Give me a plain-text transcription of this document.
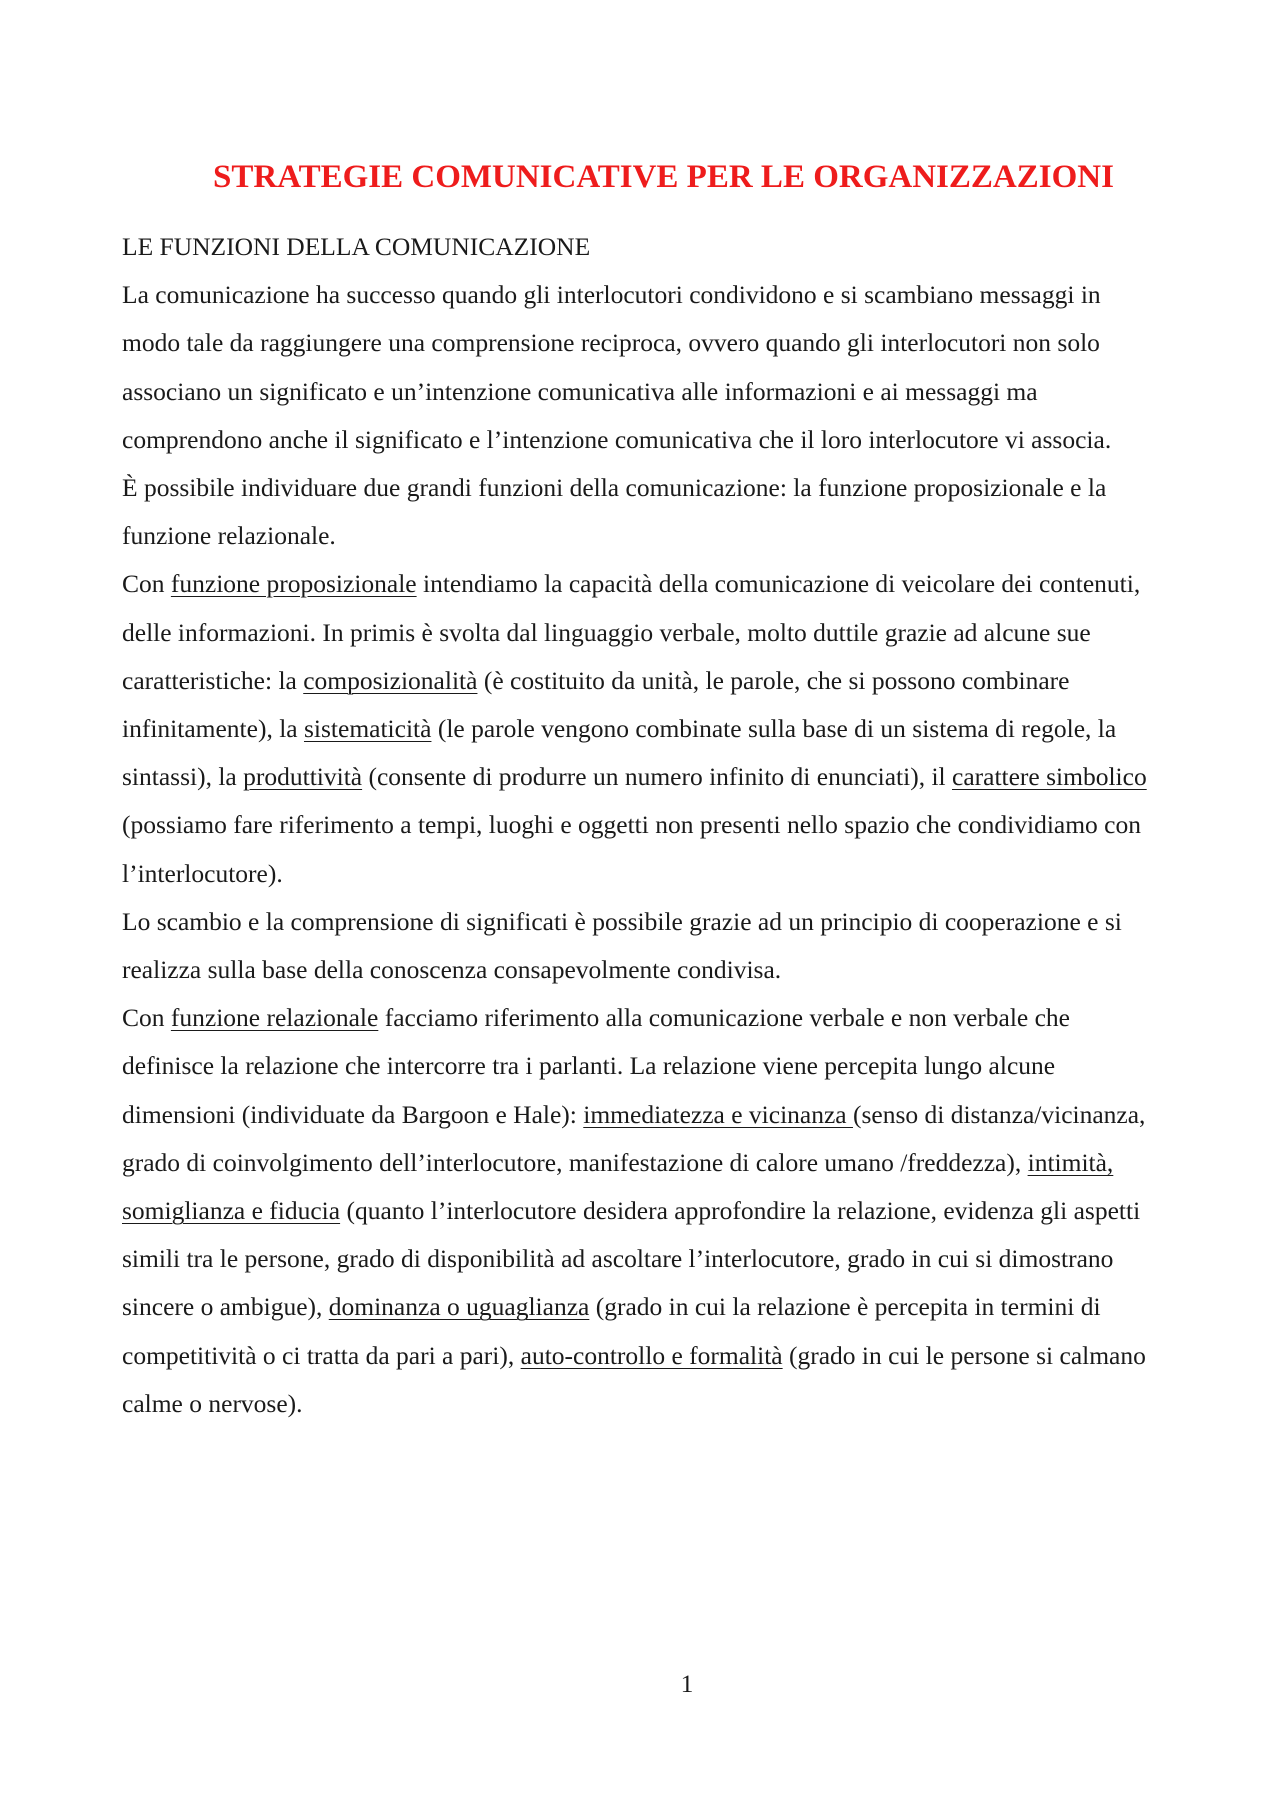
STRATEGIE COMUNICATIVE PER LE ORGANIZZAZIONI

LE FUNZIONI DELLA COMUNICAZIONE

La comunicazione ha successo quando gli interlocutori condividono e si scambiano messaggi in modo tale da raggiungere una comprensione reciproca, ovvero quando gli interlocutori non solo associano un significato e un’intenzione comunicativa alle informazioni e ai messaggi ma comprendono anche il significato e l’intenzione comunicativa che il loro interlocutore vi associa.

È possibile individuare due grandi funzioni della comunicazione: la funzione proposizionale e la funzione relazionale.

Con funzione proposizionale intendiamo la capacità della comunicazione di veicolare dei contenuti, delle informazioni. In primis è svolta dal linguaggio verbale, molto duttile grazie ad alcune sue caratteristiche: la composizionalità (è costituito da unità, le parole, che si possono combinare infinitamente), la sistematicità (le parole vengono combinate sulla base di un sistema di regole, la sintassi), la produttività (consente di produrre un numero infinito di enunciati), il carattere simbolico (possiamo fare riferimento a tempi, luoghi e oggetti non presenti nello spazio che condividiamo con l’interlocutore).

Lo scambio e la comprensione di significati è possibile grazie ad un principio di cooperazione e si realizza sulla base della conoscenza consapevolmente condivisa.

Con funzione relazionale facciamo riferimento alla comunicazione verbale e non verbale che definisce la relazione che intercorre tra i parlanti. La relazione viene percepita lungo alcune dimensioni (individuate da Bargoon e Hale): immediatezza e vicinanza (senso di distanza/vicinanza, grado di coinvolgimento dell’interlocutore, manifestazione di calore umano /freddezza), intimità, somiglianza e fiducia (quanto l’interlocutore desidera approfondire la relazione, evidenza gli aspetti simili tra le persone, grado di disponibilità ad ascoltare l’interlocutore, grado in cui si dimostrano sincere o ambigue), dominanza o uguaglianza (grado in cui la relazione è percepita in termini di competitività o ci tratta da pari a pari), auto-controllo e formalità (grado in cui le persone si calmano calme o nervose).

1
